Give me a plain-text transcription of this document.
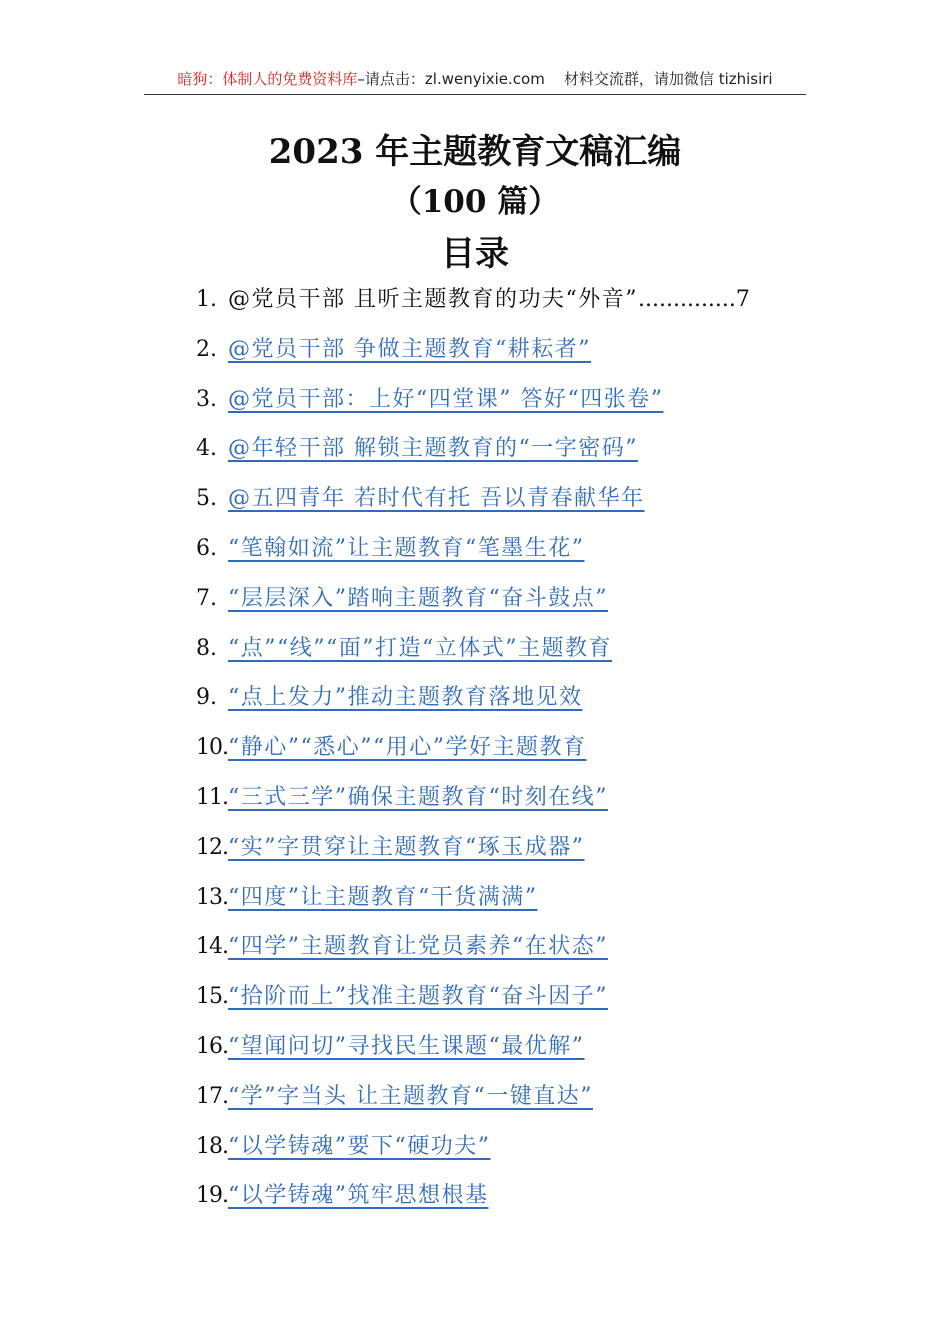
暗狗：体制人的免费资料库–请点击：zl.wenyixie.com 材料交流群，请加微信 tizhisiri
2023 年主题教育文稿汇编
（100 篇）
目录
1. @党员干部 且听主题教育的功夫“外音”..............7
2. @党员干部 争做主题教育“耕耘者”
3. @党员干部：上好“四堂课” 答好“四张卷”
4. @年轻干部 解锁主题教育的“一字密码”
5. @五四青年 若时代有托 吾以青春献华年
6. “笔翰如流”让主题教育“笔墨生花”
7. “层层深入”踏响主题教育“奋斗鼓点”
8. “点”“线”“面”打造“立体式”主题教育
9. “点上发力”推动主题教育落地见效
10.“静心”“悉心”“用心”学好主题教育
11.“三式三学”确保主题教育“时刻在线”
12.“实”字贯穿让主题教育“琢玉成器”
13.“四度”让主题教育“干货满满”
14.“四学”主题教育让党员素养“在状态”
15.“拾阶而上”找准主题教育“奋斗因子”
16.“望闻问切”寻找民生课题“最优解”
17.“学”字当头 让主题教育“一键直达”
18.“以学铸魂”要下“硬功夫”
19.“以学铸魂”筑牢思想根基
